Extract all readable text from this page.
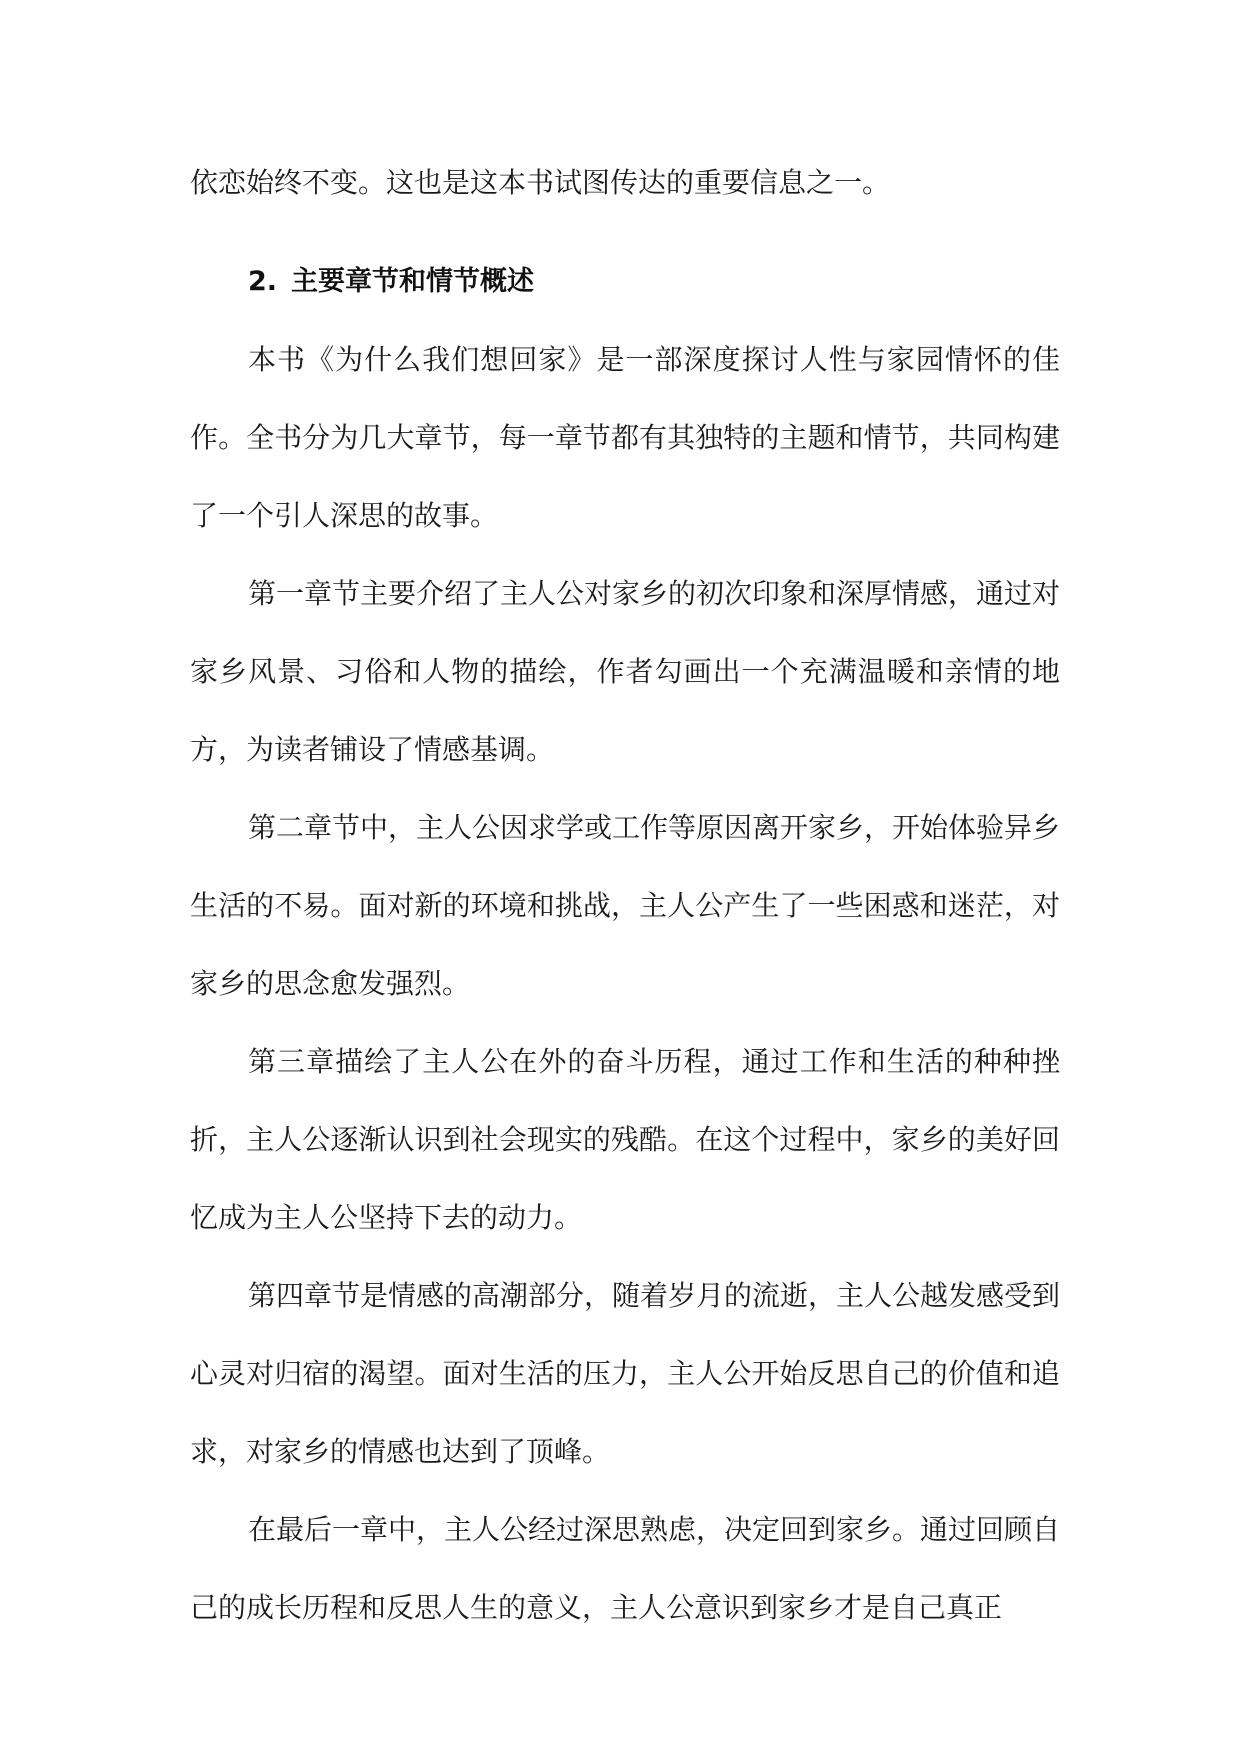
依恋始终不变。这也是这本书试图传达的重要信息之一。

2. 主要章节和情节概述

本书《为什么我们想回家》是一部深度探讨人性与家园情怀的佳作。全书分为几大章节，每一章节都有其独特的主题和情节，共同构建了一个引人深思的故事。

第一章节主要介绍了主人公对家乡的初次印象和深厚情感，通过对家乡风景、习俗和人物的描绘，作者勾画出一个充满温暖和亲情的地方，为读者铺设了情感基调。

第二章节中，主人公因求学或工作等原因离开家乡，开始体验异乡生活的不易。面对新的环境和挑战，主人公产生了一些困惑和迷茫，对家乡的思念愈发强烈。

第三章描绘了主人公在外的奋斗历程，通过工作和生活的种种挫折，主人公逐渐认识到社会现实的残酷。在这个过程中，家乡的美好回忆成为主人公坚持下去的动力。

第四章节是情感的高潮部分，随着岁月的流逝，主人公越发感受到心灵对归宿的渴望。面对生活的压力，主人公开始反思自己的价值和追求，对家乡的情感也达到了顶峰。

在最后一章中，主人公经过深思熟虑，决定回到家乡。通过回顾自己的成长历程和反思人生的意义，主人公意识到家乡才是自己真正
